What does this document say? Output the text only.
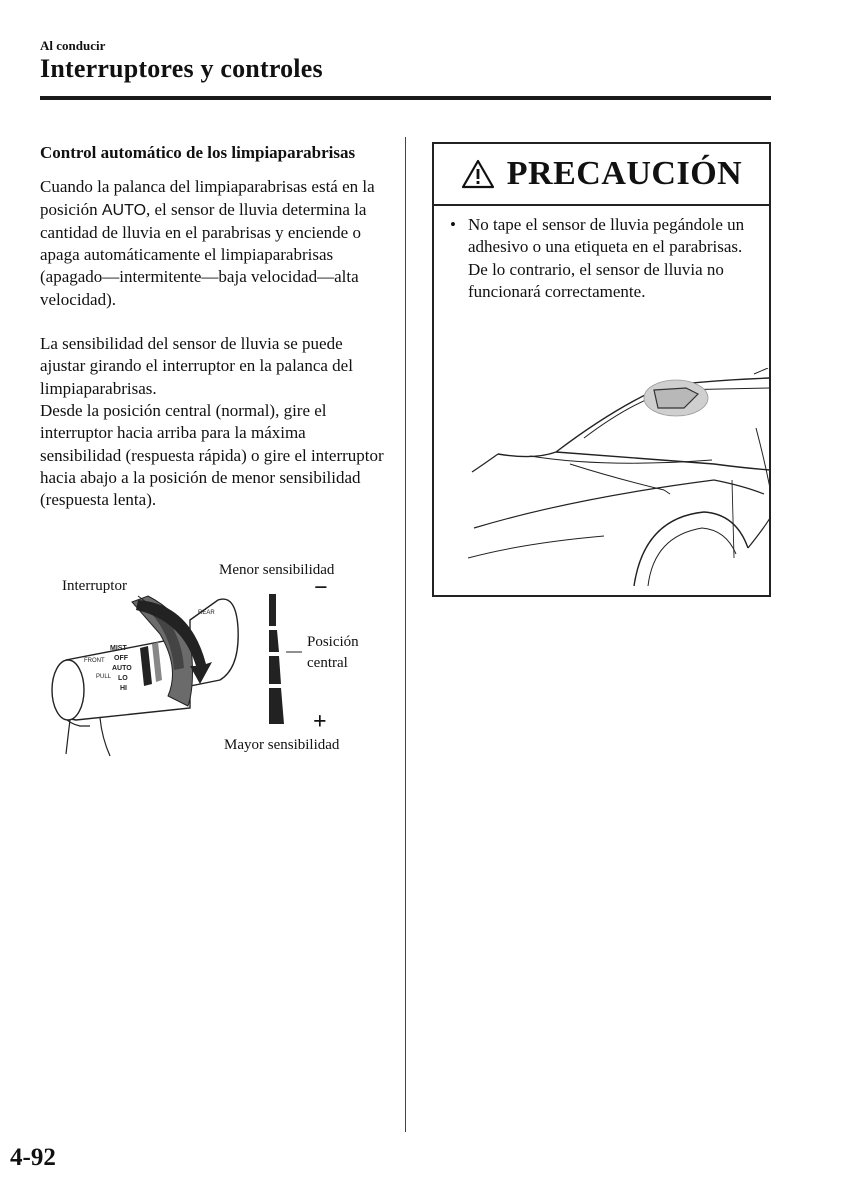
Al conducir
Interruptores y controles

Control automático de los limpiaparabrisas

Cuando la palanca del limpiaparabrisas está en la posición AUTO, el sensor de lluvia determina la cantidad de lluvia en el parabrisas y enciende o apaga automáticamente el limpiaparabrisas (apagado—intermitente—baja velocidad—alta velocidad).

La sensibilidad del sensor de lluvia se puede ajustar girando el interruptor en la palanca del limpiaparabrisas.

Desde la posición central (normal), gire el interruptor hacia arriba para la máxima sensibilidad (respuesta rápida) o gire el interruptor hacia abajo a la posición de menor sensibilidad (respuesta lenta).

FRONT
MIST
OFF
AUTO
LO
HI
PULL
REAR
Interruptor
Menor sensibilidad
−
Posición
central
+
Mayor sensibilidad
PRECAUCIÓN
• No tape el sensor de lluvia pegándole un adhesivo o una etiqueta en el parabrisas. De lo contrario, el sensor de lluvia no funcionará correctamente.
4-92
